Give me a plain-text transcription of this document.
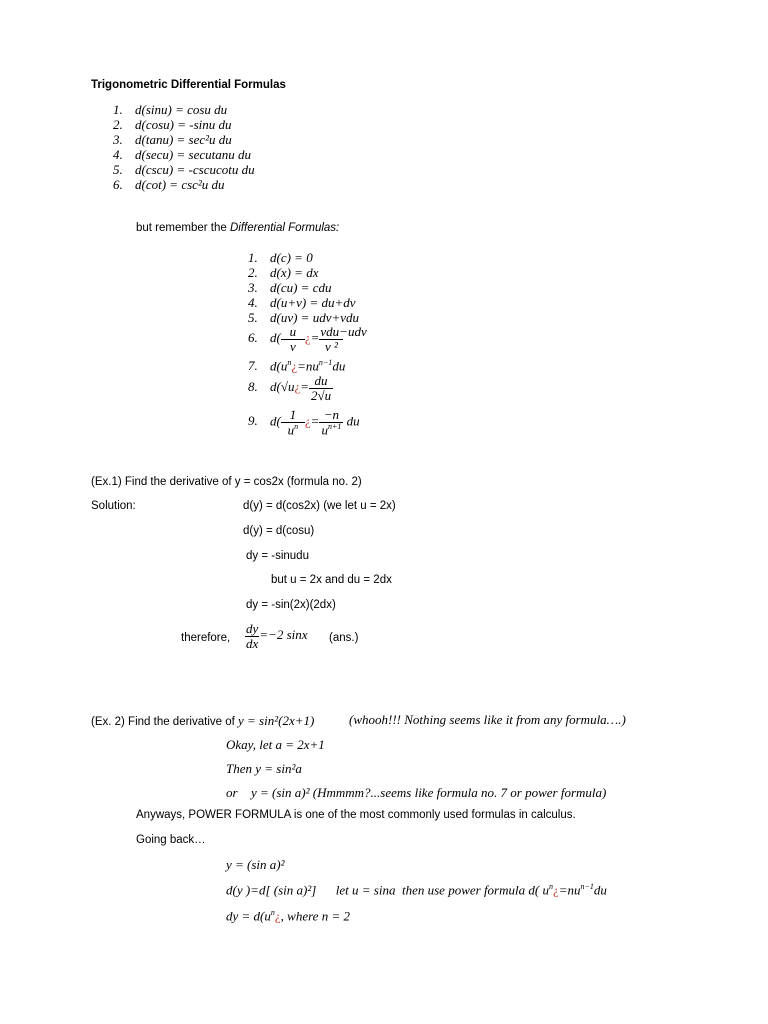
Trigonometric Differential Formulas
1. d(sinu) = cosu du
2. d(cosu) = -sinu du
3. d(tanu) = sec²u du
4. d(secu) = secutanu du
5. d(cscu) = -cscucotu du
6. d(cot) = csc²u du
but remember the Differential Formulas:
1. d(c) = 0
2. d(x) = dx
3. d(cu) = cdu
4. d(u+v) = du+dv
5. d(uv) = udv+vdu
6. $d( \frac{u}{v}$ ¿= $\frac{\text{vdu−udv}}{\text{v ²}}$
7. $d(u^n¿=nu^{n-1}du$
8. d(√u¿= $\frac{du}{2√u}$
9. $d( \frac{1}{u^n}$ ¿= $\frac{-n}{u^{n+1}}$ du
(Ex.1) Find the derivative of y = cos2x (formula no. 2)
Solution:	d(y) = d(cos2x) (we let u = 2x)
d(y) = d(cosu)
dy = -sinudu
but u = 2x and du = 2dx
dy = -sin(2x)(2dx)
therefore, $\frac{dy}{dx} =-2$ sinx (ans.)
(Ex. 2) Find the derivative of y = sin²(2x+1)	(whooh!!! Nothing seems like it from any formula….)
Okay, let a = 2x+1
Then y = sin²a
or y = (sin a)² (Hmmmm?...seems like formula no. 7 or power formula)
Anyways, POWER FORMULA is one of the most commonly used formulas in calculus.
Going back…
y = (sin a)²
d(y )=d[ (sin a)²]      let u = sina  then use power formula d( $u^n¿=nu^{n-1}du$
dy = $d(u^n¿$, where n = 2
